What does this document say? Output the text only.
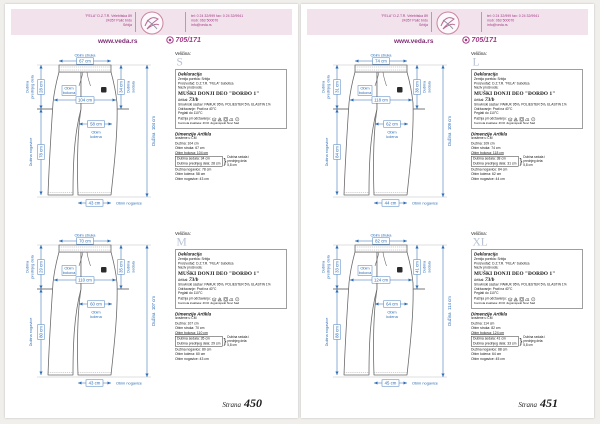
"FELA" D.Z.T.R. Velebitska 89
24357 Palić brdo
Srbija
tel: 0 24 32/999 fax: 0 24 32/9941
mob: 063 500070
info@veda.rs
www.veda.rs	705/171
Obim struka
67 cm
Obim
bokova
104 cm
Dubina prednjeg dela 28 cm
Dužina nogavice 78 cm
34 cm Dubina sedala
Dužina104 cm
58 cm
Obim
kolena
43 cm	Obim nogavice
Veličina:
S
Deklaracija
Zemlja porekla: Srbija
Proizvođač: D.Z.T.R. "FELA" Subotica
Naziv proizvoda:
MUŠKI DONJI DEO "ĐORĐO 1"
Artikal: 73/b
Sirovinski sastav: PAMUK 95%, POLIESTER 5%, ELASTIN 1%
Održavanje: Prati na 40°C
Peglati do 110°C
Pažnja pri održavanju:
40
P
Kontrola kvaliteta: ZOO Jugoinspekt Novi Sad
Dimenzije Artikla
Izražene u CM
Dužina: 104 cm
Obim struka: 67 cm
Obim bokova: 104 cm
Dubina sedala: 34 cm
Dubina prednjeg dela: 28 cm } Dubina sedala i
prednjeg dela:
5,8 cm
Dužina nogavice: 78 cm
Obim kolena: 58 cm
Obim nogavice: 43 cm
Obim struka
70 cm
Obim
bokova
110 cm
Dubina prednjeg dela 29 cm
Dužina nogavice 80 cm
35 cm Dubina sedala
Dužina107 cm
60 cm
Obim
kolena
43 cm	Obim nogavice
Veličina:
M
Deklaracija
Zemlja porekla: Srbija
Proizvođač: D.Z.T.R. "FELA" Subotica
Naziv proizvoda:
MUŠKI DONJI DEO "ĐORĐO 1"
Artikal: 73/b
Sirovinski sastav: PAMUK 95%, POLIESTER 5%, ELASTIN 1%
Održavanje: Prati na 40°C
Peglati do 110°C
Pažnja pri održavanju:
40
P
Kontrola kvaliteta: ZOO Jugoinspekt Novi Sad
Dimenzije Artikla
Izražene u CM
Dužina: 107 cm
Obim struka: 70 cm
Obim bokova: 110 cm
Dubina sedala: 35 cm
Dubina prednjeg dela: 29 cm } Dubina sedala i
prednjeg dela:
5,8 cm
Dužina nogavice: 80 cm
Obim kolena: 60 cm
Obim nogavice: 43 cm
Strana 450
"FELA" D.Z.T.R. Velebitska 89
24357 Palić brdo
Srbija
tel: 0 24 32/999 fax: 0 24 32/9941
mob: 063 500070
info@veda.rs
www.veda.rs	705/171
Obim struka
74 cm
Obim
bokova
118 cm
Dubina prednjeg dela 31 cm
Dužina nogavice 84 cm
38 cm Dubina sedala
Dužina109 cm
62 cm
Obim
kolena
44 cm	Obim nogavice
Veličina:
L
Deklaracija
Zemlja porekla: Srbija
Proizvođač: D.Z.T.R. "FELA" Subotica
Naziv proizvoda:
MUŠKI DONJI DEO "ĐORĐO 1"
Artikal: 73/b
Sirovinski sastav: PAMUK 95%, POLIESTER 5%, ELASTIN 1%
Održavanje: Prati na 40°C
Peglati do 110°C
Pažnja pri održavanju:
40
P
Kontrola kvaliteta: ZOO Jugoinspekt Novi Sad
Dimenzije Artikla
Izražene u CM
Dužina: 109 cm
Obim struka: 74 cm
Obim bokova: 118 cm
Dubina sedala: 38 cm
Dubina prednjeg dela: 31 cm } Dubina sedala i
prednjeg dela:
5,8 cm
Dužina nogavice: 84 cm
Obim kolena: 62 cm
Obim nogavice: 44 cm
Obim struka
82 cm
Obim
bokova
124 cm
Dubina prednjeg dela 33 cm
Dužina nogavice 88 cm
41 cm Dubina sedala
Dužina114 cm
64 cm
Obim
kolena
45 cm	Obim nogavice
Veličina:
XL
Deklaracija
Zemlja porekla: Srbija
Proizvođač: D.Z.T.R. "FELA" Subotica
Naziv proizvoda:
MUŠKI DONJI DEO "ĐORĐO 1"
Artikal: 73/b
Sirovinski sastav: PAMUK 95%, POLIESTER 5%, ELASTIN 1%
Održavanje: Prati na 40°C
Peglati do 110°C
Pažnja pri održavanju:
40
P
Kontrola kvaliteta: ZOO Jugoinspekt Novi Sad
Dimenzije Artikla
Izražene u CM
Dužina: 114 cm
Obim struka: 82 cm
Obim bokova: 124 cm
Dubina sedala: 41 cm
Dubina prednjeg dela: 33 cm } Dubina sedala i
prednjeg dela:
5,8 cm
Dužina nogavice: 88 cm
Obim kolena: 64 cm
Obim nogavice: 45 cm
Strana 451
